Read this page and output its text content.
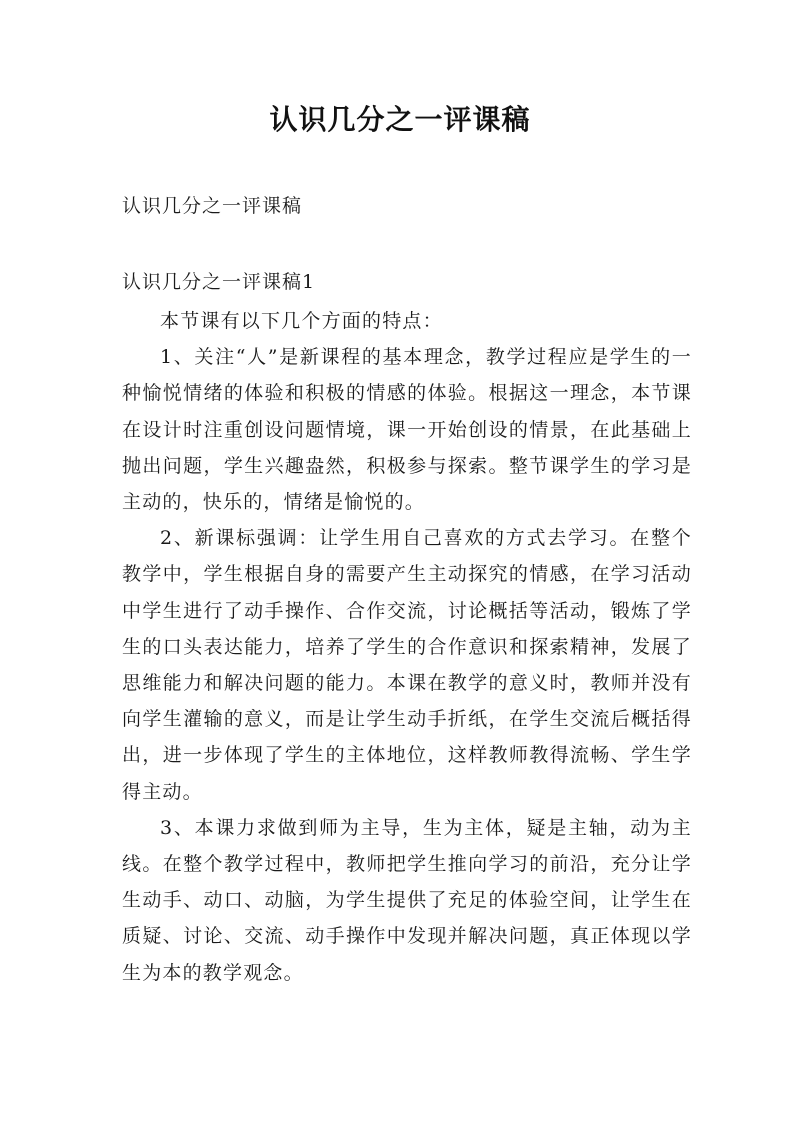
认识几分之一评课稿

认识几分之一评课稿

认识几分之一评课稿1

本节课有以下几个方面的特点：

1、关注“人”是新课程的基本理念，教学过程应是学生的一种愉悦情绪的体验和积极的情感的体验。根据这一理念，本节课在设计时注重创设问题情境，课一开始创设的情景，在此基础上抛出问题，学生兴趣盎然，积极参与探索。整节课学生的学习是主动的，快乐的，情绪是愉悦的。

2、新课标强调：让学生用自己喜欢的方式去学习。在整个教学中，学生根据自身的需要产生主动探究的情感，在学习活动中学生进行了动手操作、合作交流，讨论概括等活动，锻炼了学生的口头表达能力，培养了学生的合作意识和探索精神，发展了思维能力和解决问题的能力。本课在教学的意义时，教师并没有向学生灌输的意义，而是让学生动手折纸，在学生交流后概括得出，进一步体现了学生的主体地位，这样教师教得流畅、学生学得主动。

3、本课力求做到师为主导，生为主体，疑是主轴，动为主线。在整个教学过程中，教师把学生推向学习的前沿，充分让学生动手、动口、动脑，为学生提供了充足的体验空间，让学生在质疑、讨论、交流、动手操作中发现并解决问题，真正体现以学生为本的教学观念。
